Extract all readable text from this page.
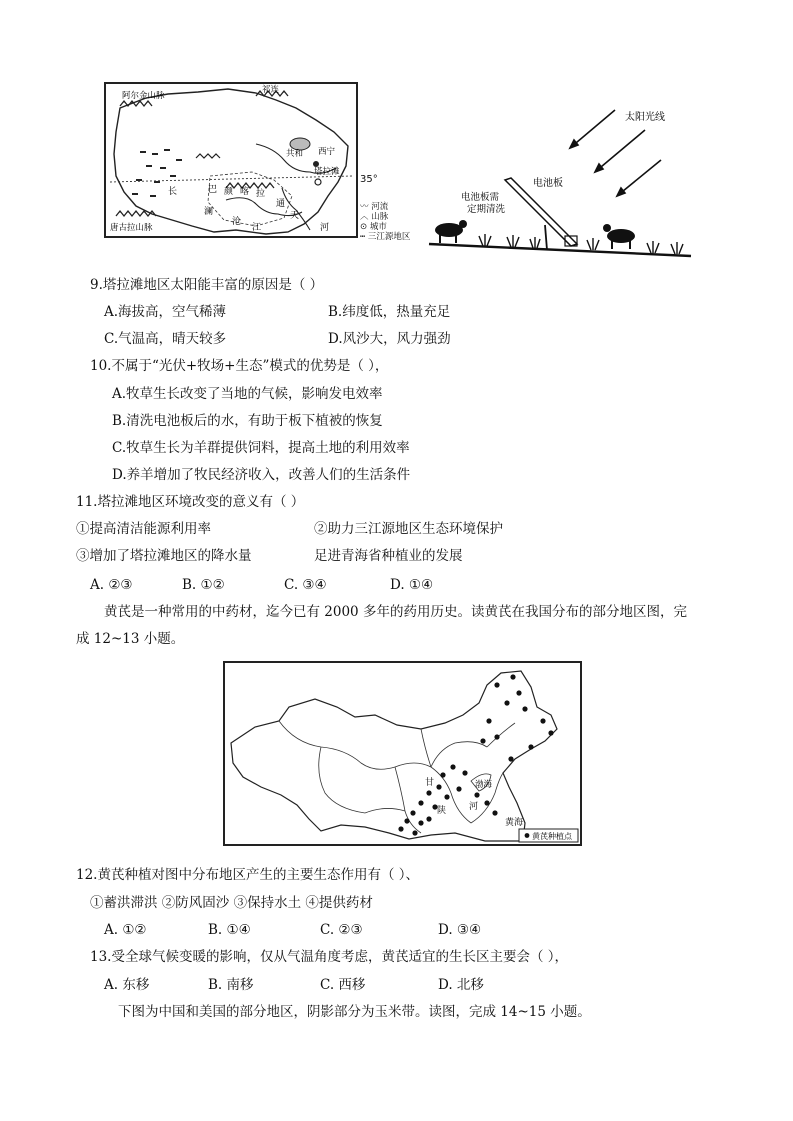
阿尔金山脉
祁连
共和
塔拉滩
西宁
唐古拉山脉
巴 颜 喀 拉
长
澜
沧
江
通
天
河
35°
〰 河流
︿ 山脉
⊙ 城市
┅ 三江源地区
太阳光线
电池板
电池板需
定期清洗
9.塔拉滩地区太阳能丰富的原因是（ ）
A.海拔高，空气稀薄	B.纬度低，热量充足
C.气温高，晴天较多	D.风沙大，风力强劲
10.不属于“光伏+牧场+生态”模式的优势是（ ），
A.牧草生长改变了当地的气候，影响发电效率
B.清洗电池板后的水，有助于板下植被的恢复
C.牧草生长为羊群提供饲料，提高土地的利用效率
D.养羊增加了牧民经济收入，改善人们的生活条件
11.塔拉滩地区环境改变的意义有（ ）
①提高清洁能源利用率	②助力三江源地区生态环境保护
③增加了塔拉滩地区的降水量	足进青海省种植业的发展
A. ②③	B. ①②	C. ③④	D. ①④
黄芪是一种常用的中药材，迄今已有 2000 多年的药用历史。读黄芪在我国分布的部分地区图，完
成 12~13 小题。
甘
陕	河
渤海
黄海
黄芪种植点
12.黄芪种植对图中分布地区产生的主要生态作用有（ ）、
①蓄洪滞洪 ②防风固沙 ③保持水土 ④提供药材
A. ①②	B. ①④	C. ②③	D. ③④
13.受全球气候变暖的影响，仅从气温角度考虑，黄芪适宜的生长区主要会（ ），
A. 东移	B. 南移	C. 西移	D. 北移
下图为中国和美国的部分地区，阴影部分为玉米带。读图，完成 14~15 小题。
